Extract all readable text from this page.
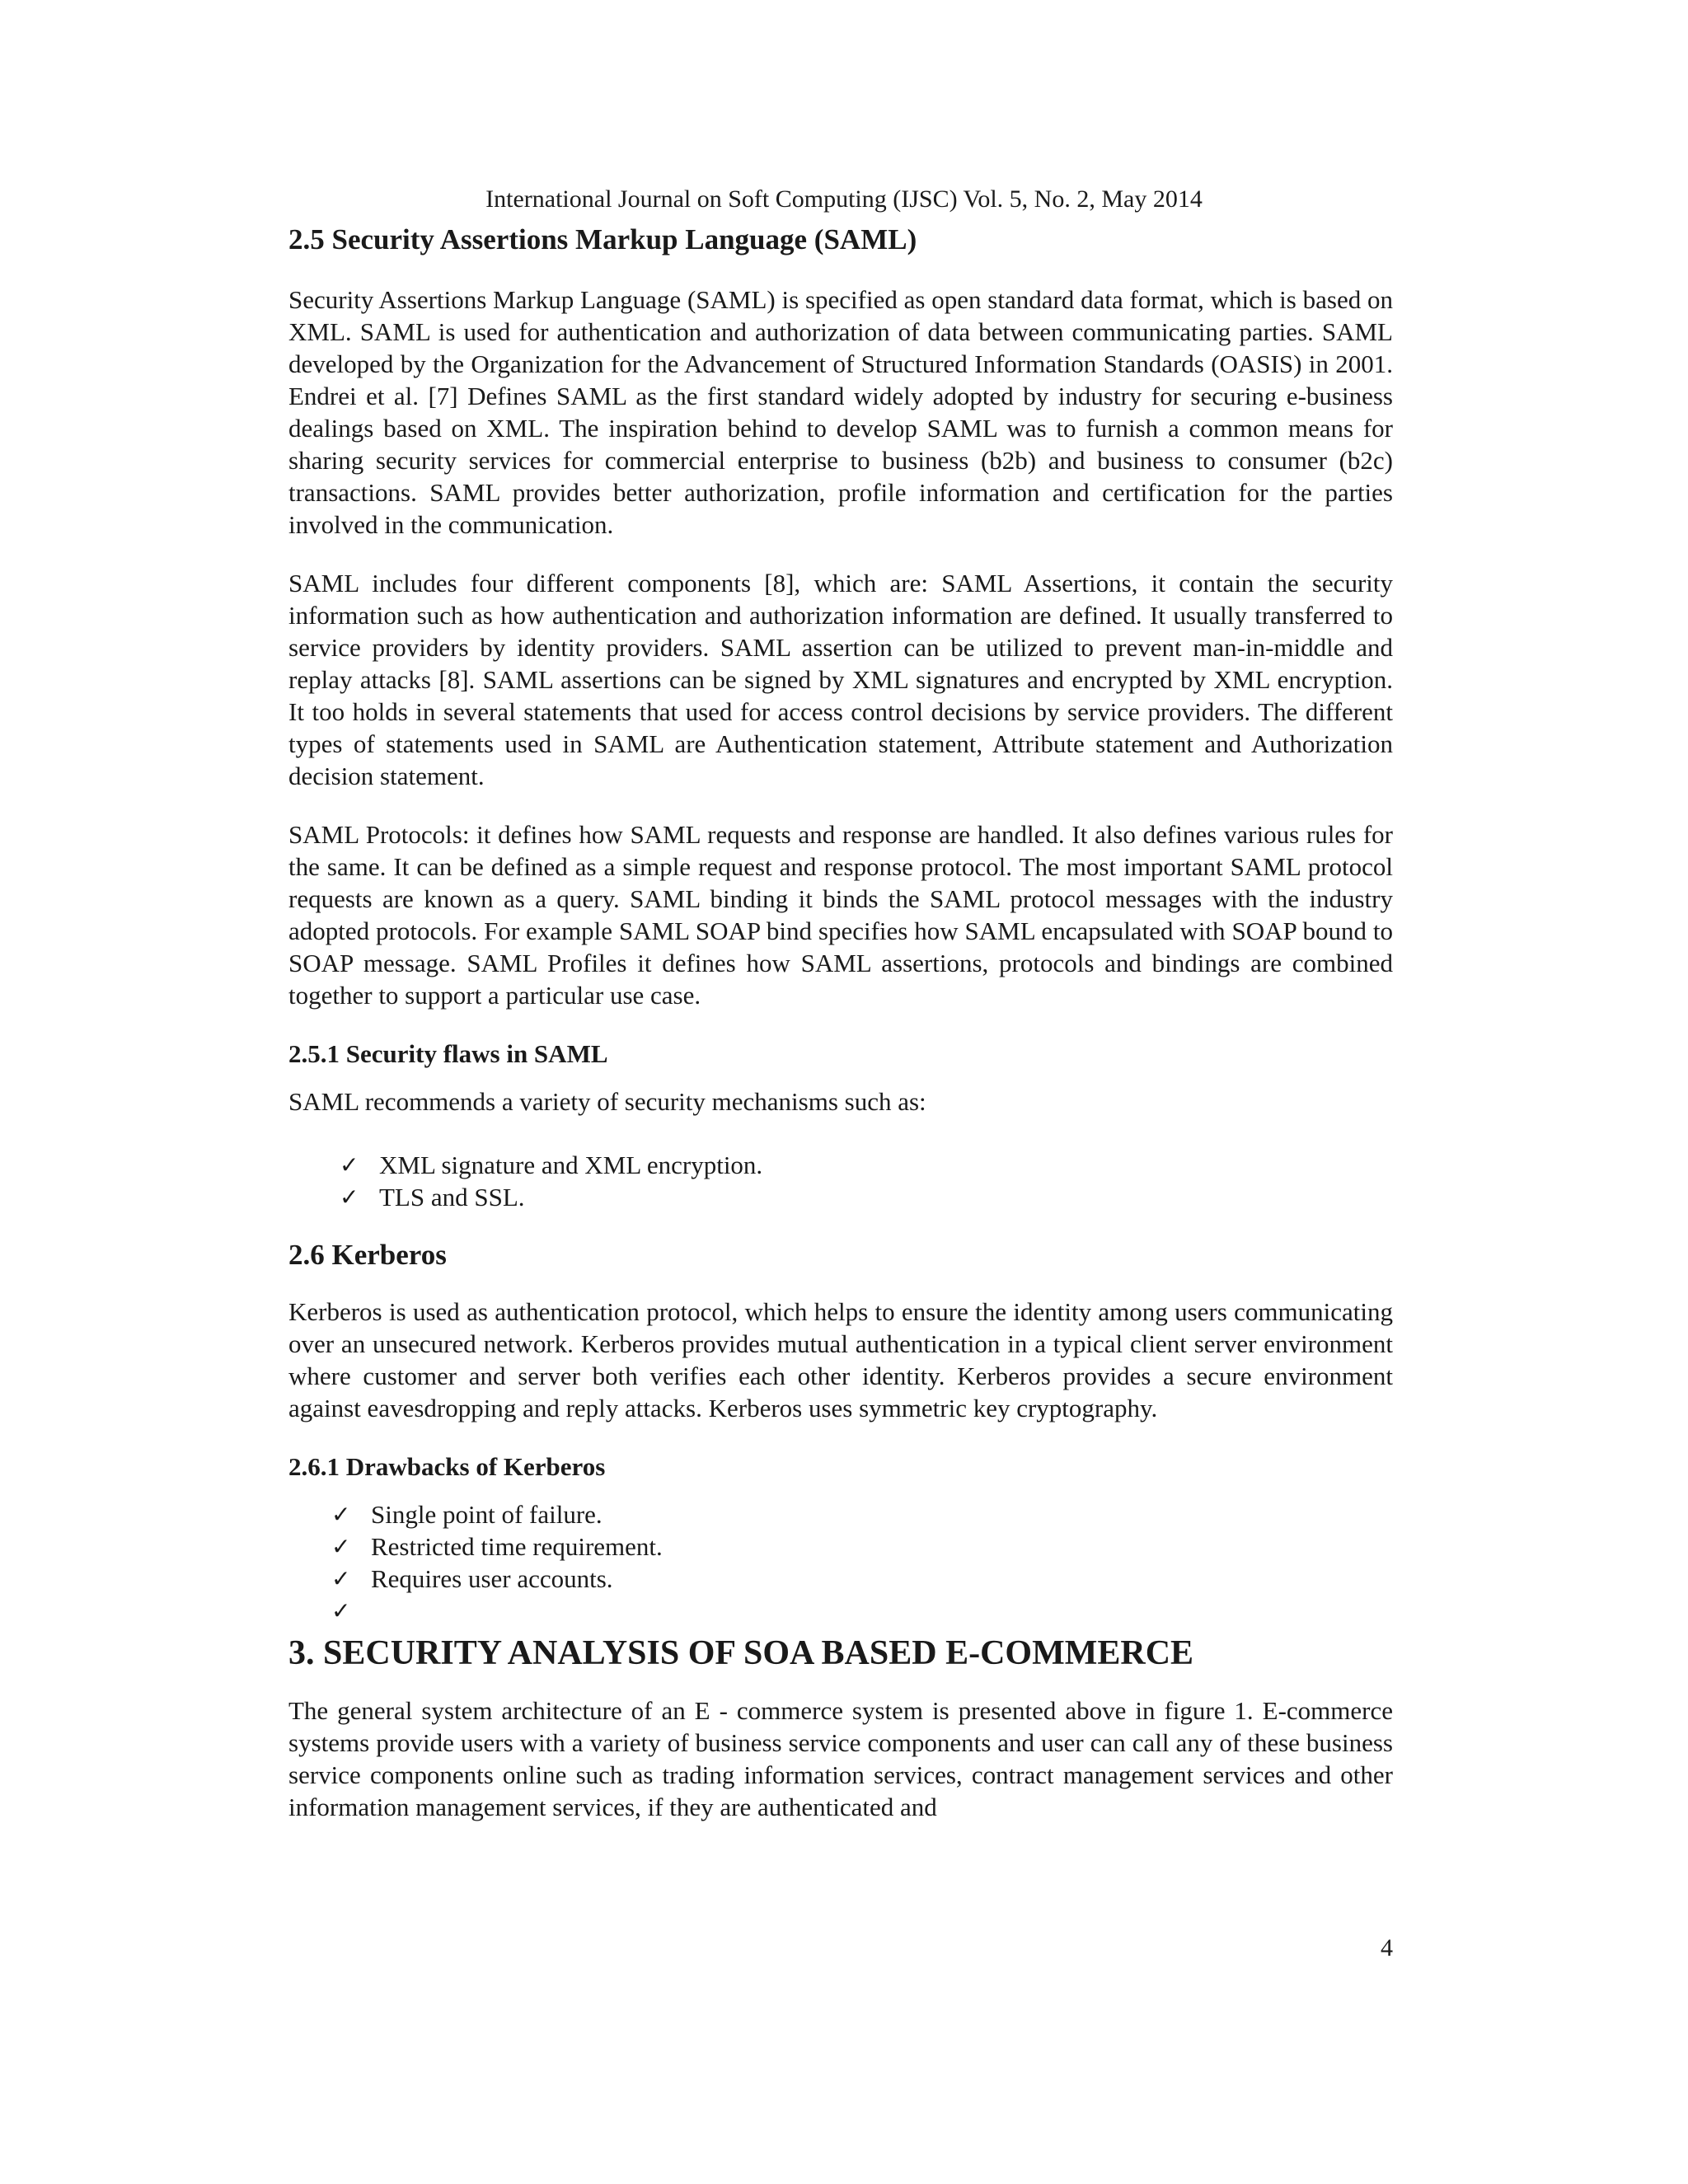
International Journal on Soft Computing (IJSC) Vol. 5, No. 2, May 2014
2.5 Security Assertions Markup Language (SAML)

Security Assertions Markup Language (SAML) is specified as open standard data format, which is based on XML. SAML is used for authentication and authorization of data between communicating parties. SAML developed by the Organization for the Advancement of Structured Information Standards (OASIS) in 2001. Endrei et al. [7] Defines SAML as the first standard widely adopted by industry for securing e-business dealings based on XML. The inspiration behind to develop SAML was to furnish a common means for sharing security services for commercial enterprise to business (b2b) and business to consumer (b2c) transactions. SAML provides better authorization, profile information and certification for the parties involved in the communication.

SAML includes four different components [8], which are: SAML Assertions, it contain the security information such as how authentication and authorization information are defined. It usually transferred to service providers by identity providers. SAML assertion can be utilized to prevent man-in-middle and replay attacks [8]. SAML assertions can be signed by XML signatures and encrypted by XML encryption. It too holds in several statements that used for access control decisions by service providers. The different types of statements used in SAML are Authentication statement, Attribute statement and Authorization decision statement.

SAML Protocols: it defines how SAML requests and response are handled. It also defines various rules for the same. It can be defined as a simple request and response protocol. The most important SAML protocol requests are known as a query. SAML binding it binds the SAML protocol messages with the industry adopted protocols. For example SAML SOAP bind specifies how SAML encapsulated with SOAP bound to SOAP message. SAML Profiles it defines how SAML assertions, protocols and bindings are combined together to support a particular use case.

2.5.1 Security flaws in SAML

SAML recommends a variety of security mechanisms such as:

✓ XML signature and XML encryption.
✓ TLS and SSL.
2.6 Kerberos

Kerberos is used as authentication protocol, which helps to ensure the identity among users communicating over an unsecured network. Kerberos provides mutual authentication in a typical client server environment where customer and server both verifies each other identity. Kerberos provides a secure environment against eavesdropping and reply attacks. Kerberos uses symmetric key cryptography.

2.6.1 Drawbacks of Kerberos
✓ Single point of failure.
✓ Restricted time requirement.
✓ Requires user accounts.
✓
3. SECURITY ANALYSIS OF SOA BASED E-COMMERCE

The general system architecture of an E - commerce system is presented above in figure 1. E-commerce systems provide users with a variety of business service components and user can call any of these business service components online such as trading information services, contract management services and other information management services, if they are authenticated and

4
